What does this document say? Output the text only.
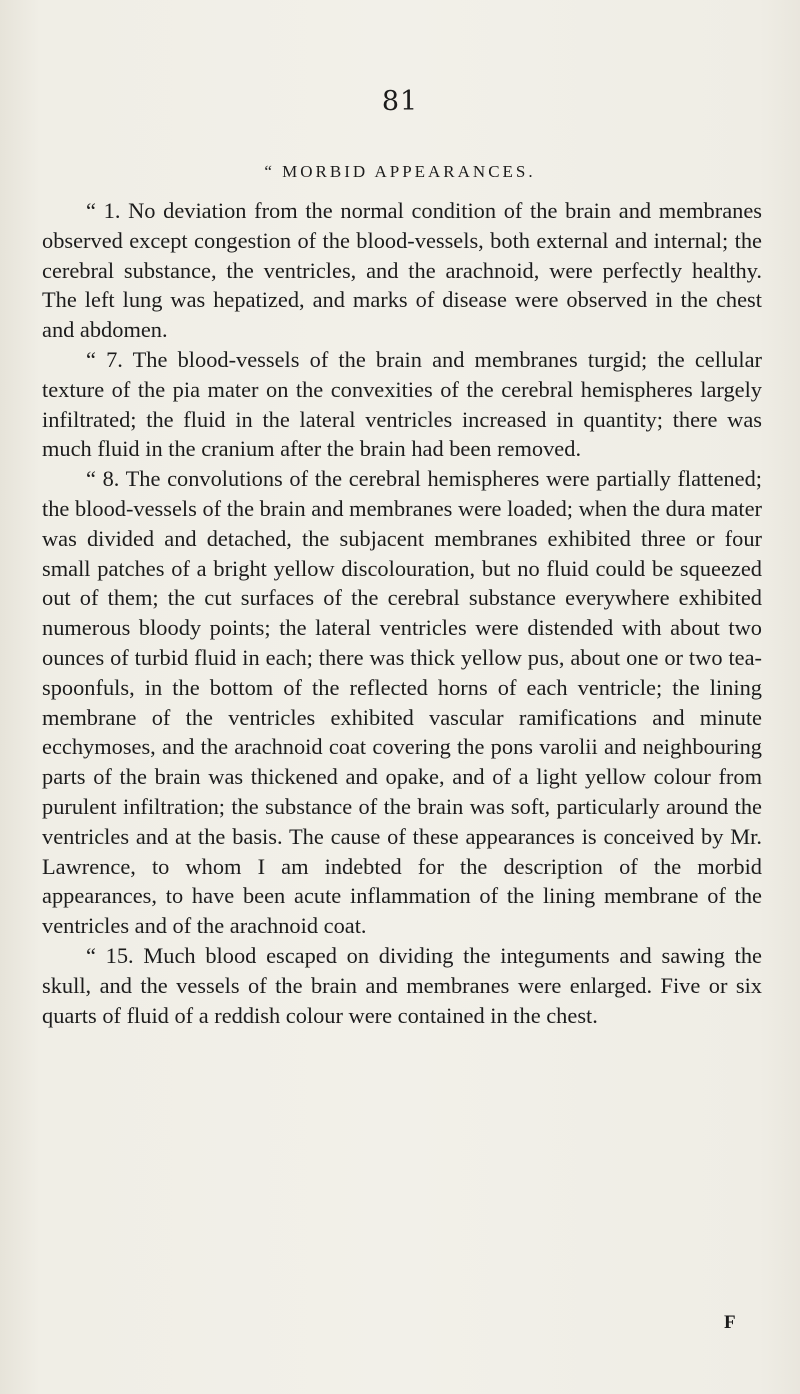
81
“ MORBID APPEARANCES.

“ 1. No deviation from the normal condition of the brain and membranes observed except congestion of the blood-vessels, both external and internal; the cerebral substance, the ventricles, and the arachnoid, were perfectly healthy. The left lung was hepatized, and marks of disease were observed in the chest and abdomen.

“ 7. The blood-vessels of the brain and membranes turgid; the cellular texture of the pia mater on the convexities of the cerebral hemispheres largely infiltrated; the fluid in the lateral ventricles increased in quantity; there was much fluid in the cranium after the brain had been removed.

“ 8. The convolutions of the cerebral hemispheres were partially flattened; the blood-vessels of the brain and membranes were loaded; when the dura mater was divided and detached, the subjacent membranes exhibited three or four small patches of a bright yellow discolouration, but no fluid could be squeezed out of them; the cut surfaces of the cerebral substance everywhere exhibited numerous bloody points; the lateral ventricles were distended with about two ounces of turbid fluid in each; there was thick yellow pus, about one or two tea-spoonfuls, in the bottom of the reflected horns of each ventricle; the lining membrane of the ventricles exhibited vascular ramifications and minute ecchymoses, and the arachnoid coat covering the pons varolii and neighbouring parts of the brain was thickened and opake, and of a light yellow colour from purulent infiltration; the substance of the brain was soft, particularly around the ventricles and at the basis. The cause of these appearances is conceived by Mr. Lawrence, to whom I am indebted for the description of the morbid appearances, to have been acute inflammation of the lining membrane of the ventricles and of the arachnoid coat.

“ 15. Much blood escaped on dividing the integuments and sawing the skull, and the vessels of the brain and membranes were enlarged. Five or six quarts of fluid of a reddish colour were contained in the chest.

F
